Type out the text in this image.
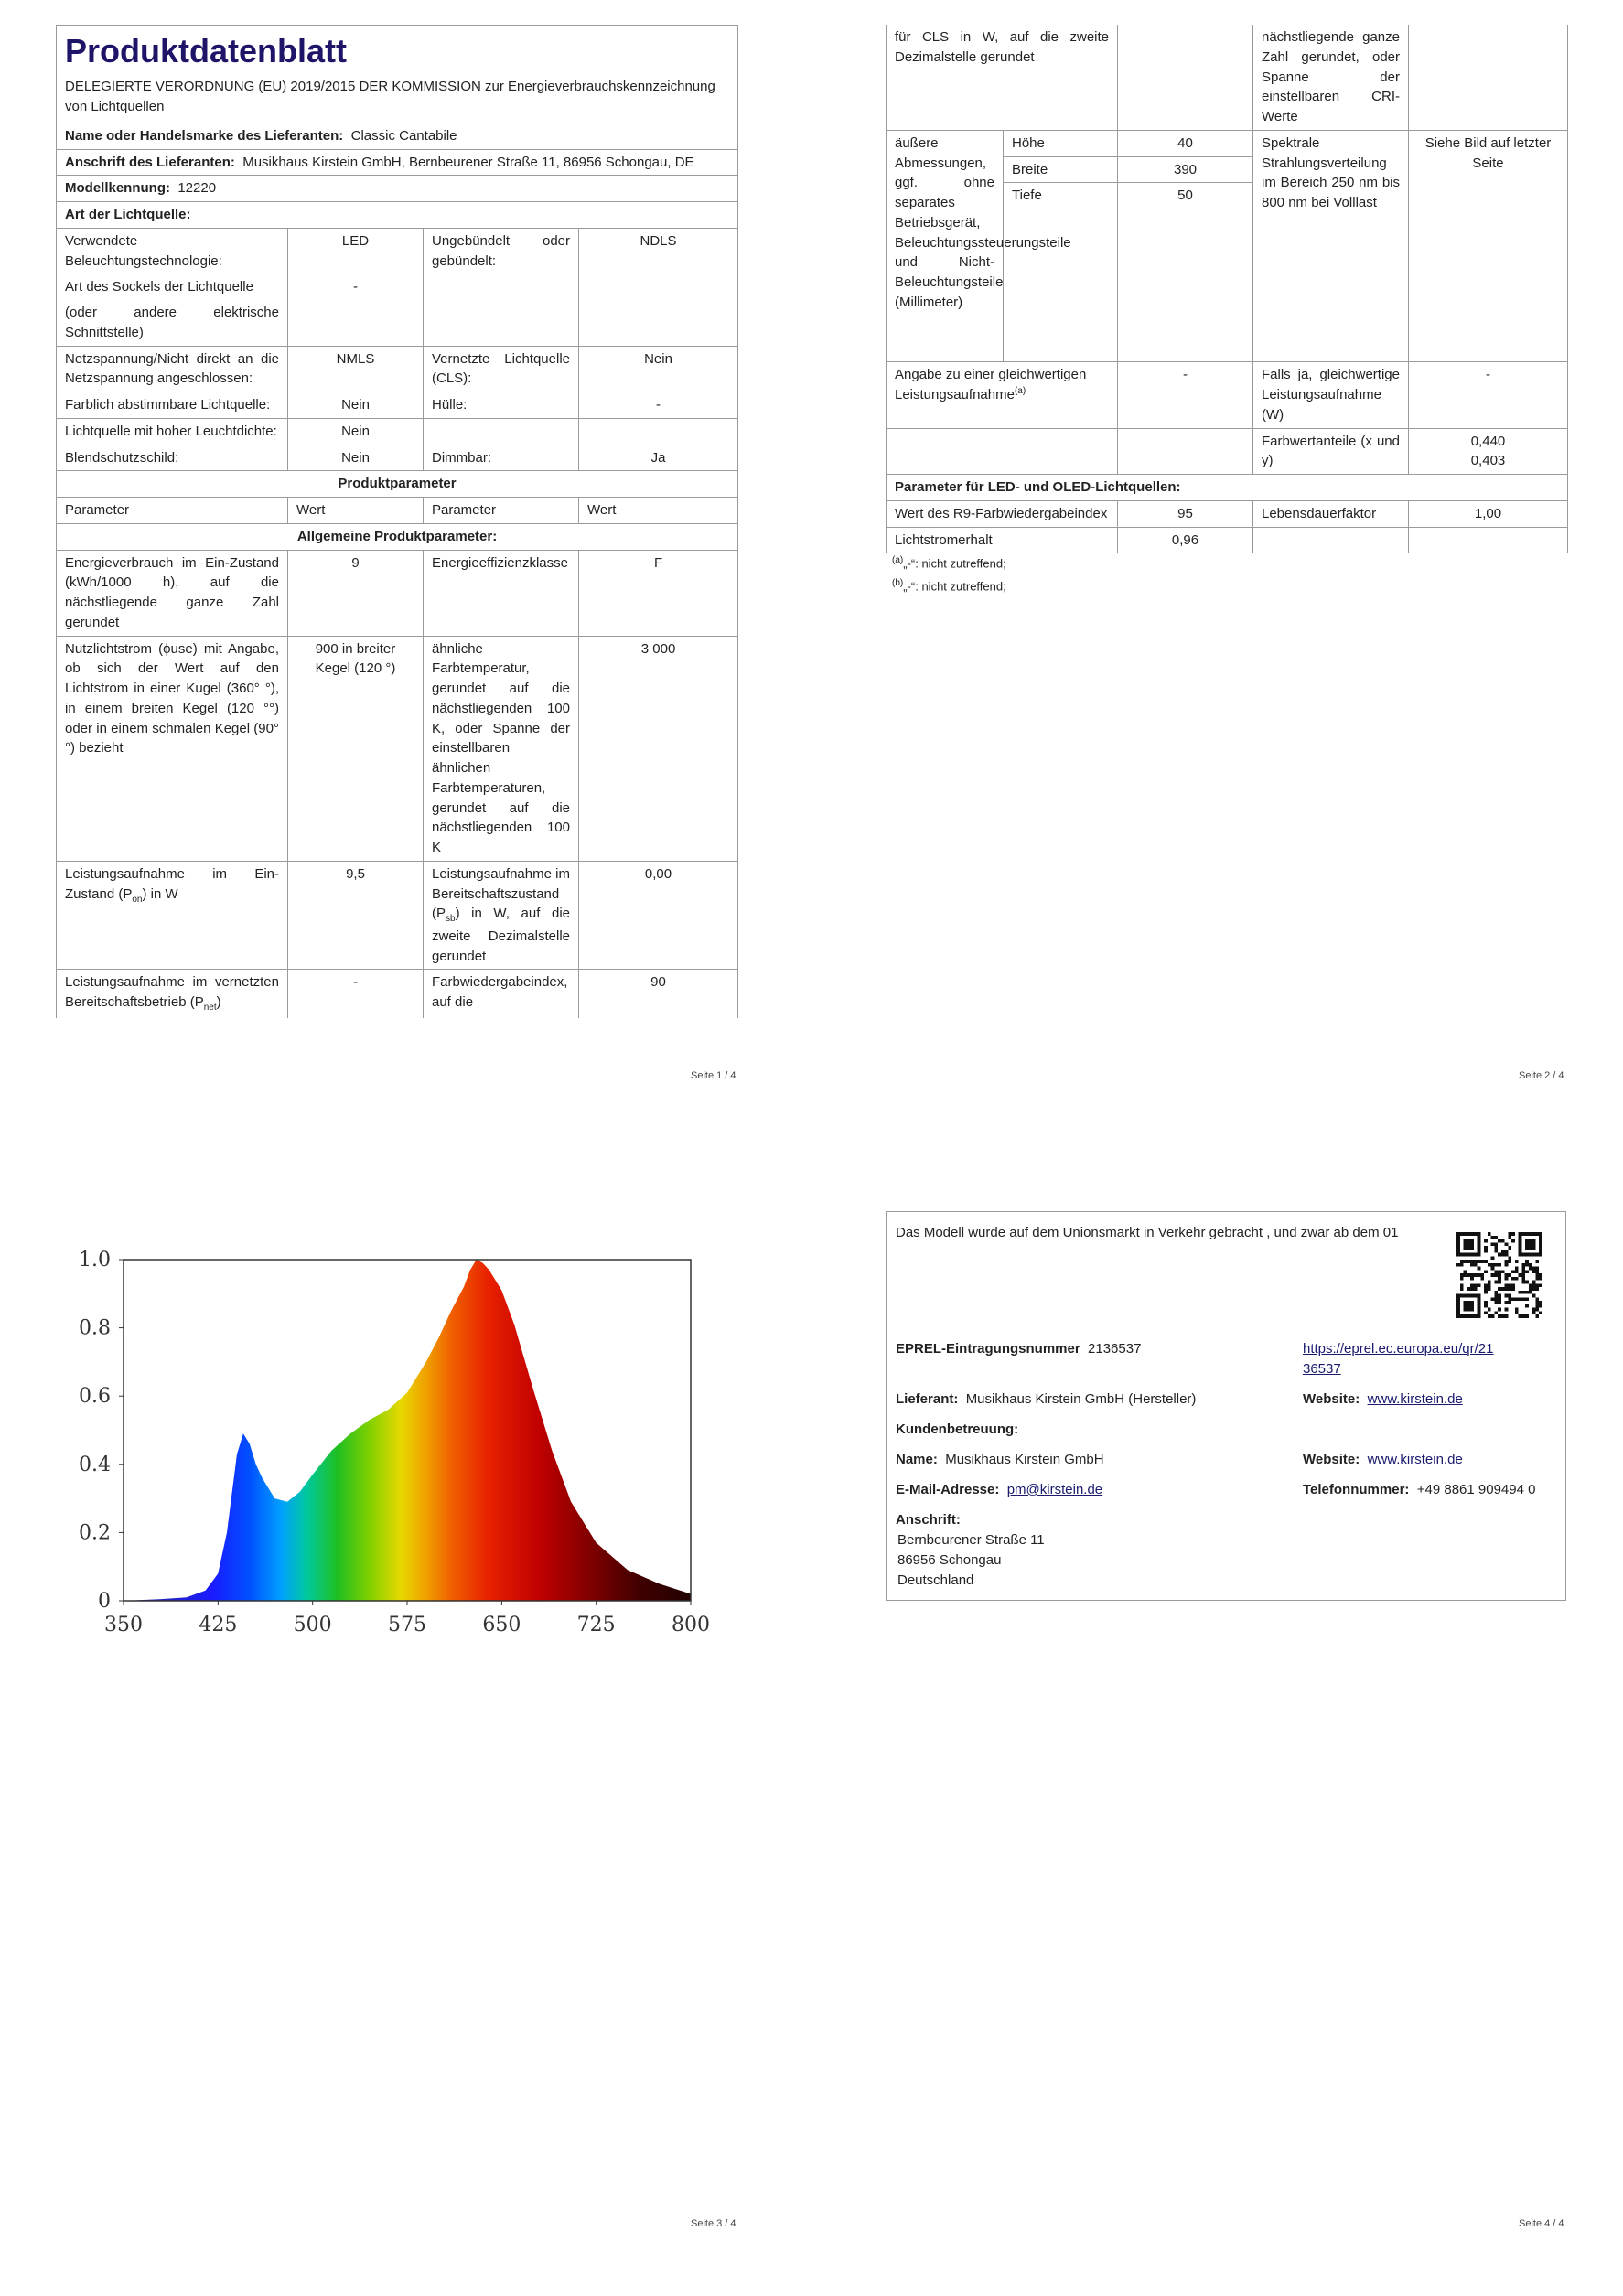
Produktdatenblatt
DELEGIERTE VERORDNUNG (EU) 2019/2015 DER KOMMISSION zur Energieverbrauchskennzeichnung von Lichtquellen			

Name oder Handelsmarke des Lieferanten: Classic Cantabile			
Anschrift des Lieferanten: Musikhaus Kirstein GmbH, Bernbeurener Straße 11, 86956 Schongau, DE			
Modellkennung: 12220			
Art der Lichtquelle:			
Verwendete Beleuchtungstechnologie:	LED	Ungebündelt oder gebündelt:	NDLS

Art des Sockels der Lichtquelle
(oder andere elektrische Schnittstelle)	-		
Netzspannung/Nicht direkt an die Netzspannung angeschlossen:	NMLS	Vernetzte Lichtquelle (CLS):	Nein
Farblich abstimmbare Lichtquelle:	Nein	Hülle:	-
Lichtquelle mit hoher Leuchtdichte:	Nein		
Blendschutzschild:	Nein	Dimmbar:	Ja
Produktparameter			
Parameter	Wert	Parameter	Wert
Allgemeine Produktparameter:			
Energieverbrauch im Ein-Zustand (kWh/1000 h), auf die nächstliegende ganze Zahl gerundet	9	Energieeffizienzklasse	F
Nutzlichtstrom (ϕuse) mit Angabe, ob sich der Wert auf den Lichtstrom in einer Kugel (360° °), in einem breiten Kegel (120 °°) oder in einem schmalen Kegel (90° °) bezieht	900 in breiter Kegel (120 °)	ähnliche Farbtemperatur, gerundet auf die nächstliegenden 100 K, oder Spanne der einstellbaren ähnlichen Farbtemperaturen, gerundet auf die nächstliegenden 100 K	3 000
Leistungsaufnahme im Ein-Zustand $(P_{on})$ in W	9,5	Leistungsaufnahme im Bereitschaftszustand $(P_{sb})$ in W, auf die zweite Dezimalstelle gerundet	0,00
Leistungsaufnahme im vernetzten Bereitschaftsbetrieb $(P_{net})$	-	Farbwiedergabeindex, auf die	90
Seite 1 / 4
für CLS in W, auf die zweite Dezimalstelle gerundet			nächstliegende ganze Zahl gerundet, oder Spanne der einstellbaren CRI-Werte	
äußere Abmessungen, ggf. ohne separates Betriebsgerät, Beleuchtungssteuerungsteile und Nicht-Beleuchtungsteile (Millimeter)	Höhe	40	Spektrale Strahlungsverteilung im Bereich 250 nm bis 800 nm bei Volllast	Siehe Bild auf letzter Seite
	Breite	390		
	Tiefe	50		
Angabe zu einer gleichwertigen Leistungsaufnahme$^{(a)}$		-	Falls ja, gleichwertige Leistungsaufnahme (W)	-
			Farbwertanteile (x und y)	0,440
0,403

Parameter für LED- und OLED-Lichtquellen:				
Wert des R9-Farbwiedergabeindex		95	Lebensdauerfaktor	1,00
Lichtstromerhalt		0,96		
$^{(a)}$„-“: nicht zutreffend;
$^{(b)}$„-“: nicht zutreffend;
Seite 2 / 4
350	425	500	575	650	725	800
1.0
0.8
0.6
0.4
0.2
0
Seite 3 / 4	Seite 4 / 4
Das Modell wurde auf dem Unionsmarkt in Verkehr gebracht , und zwar ab dem 01
EPREL-Eintragungsnummer 2136537	https://eprel.ec.europa.eu/qr/21
36537
Lieferant: Musikhaus Kirstein GmbH (Hersteller)	Website: www.kirstein.de
Kundenbetreuung:
Name: Musikhaus Kirstein GmbH	Website: www.kirstein.de
E-Mail-Adresse: pm@kirstein.de	Telefonnummer: +49 8861 909494 0
Anschrift:
Bernbeurener Straße 11
86956 Schongau
Deutschland
